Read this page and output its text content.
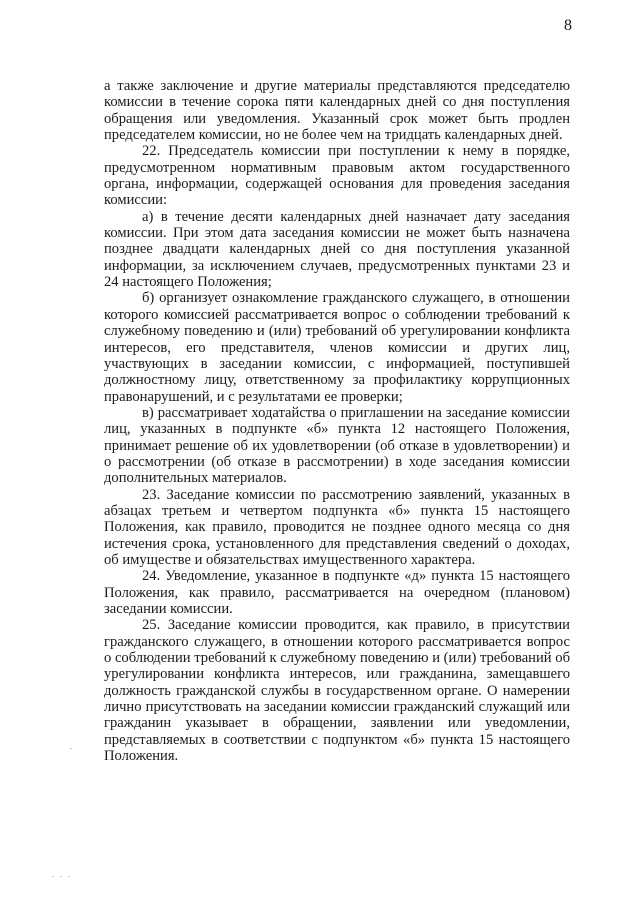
8

а также заключение и другие материалы представляются председателю комиссии в течение сорока пяти календарных дней со дня поступления обращения или уведомления. Указанный срок может быть продлен председателем комиссии, но не более чем на тридцать календарных дней.

22. Председатель комиссии при поступлении к нему в порядке, предусмотренном нормативным правовым актом государственного органа, информации, содержащей основания для проведения заседания комиссии:

а) в течение десяти календарных дней назначает дату заседания комиссии. При этом дата заседания комиссии не может быть назначена позднее двадцати календарных дней со дня поступления указанной информации, за исключением случаев, предусмотренных пунктами 23 и 24 настоящего Положения;

б) организует ознакомление гражданского служащего, в отношении которого комиссией рассматривается вопрос о соблюдении требований к служебному поведению и (или) требований об урегулировании конфликта интересов, его представителя, членов комиссии и других лиц, участвующих в заседании комиссии, с информацией, поступившей должностному лицу, ответственному за профилактику коррупционных правонарушений, и с результатами ее проверки;

в) рассматривает ходатайства о приглашении на заседание комиссии лиц, указанных в подпункте «б» пункта 12 настоящего Положения, принимает решение об их удовлетворении (об отказе в удовлетворении) и о рассмотрении (об отказе в рассмотрении) в ходе заседания комиссии дополнительных материалов.

23. Заседание комиссии по рассмотрению заявлений, указанных в абзацах третьем и четвертом подпункта «б» пункта 15 настоящего Положения, как правило, проводится не позднее одного месяца со дня истечения срока, установленного для представления сведений о доходах, об имуществе и обязательствах имущественного характера.

24. Уведомление, указанное в подпункте «д» пункта 15 настоящего Положения, как правило, рассматривается на очередном (плановом) заседании комиссии.

25. Заседание комиссии проводится, как правило, в присутствии гражданского служащего, в отношении которого рассматривается вопрос о соблюдении требований к служебному поведению и (или) требований об урегулировании конфликта интересов, или гражданина, замещавшего должность гражданской службы в государственном органе. О намерении лично присутствовать на заседании комиссии гражданский служащий или гражданин указывает в обращении, заявлении или уведомлении, представляемых в соответствии с подпунктом «б» пункта 15 настоящего Положения.
